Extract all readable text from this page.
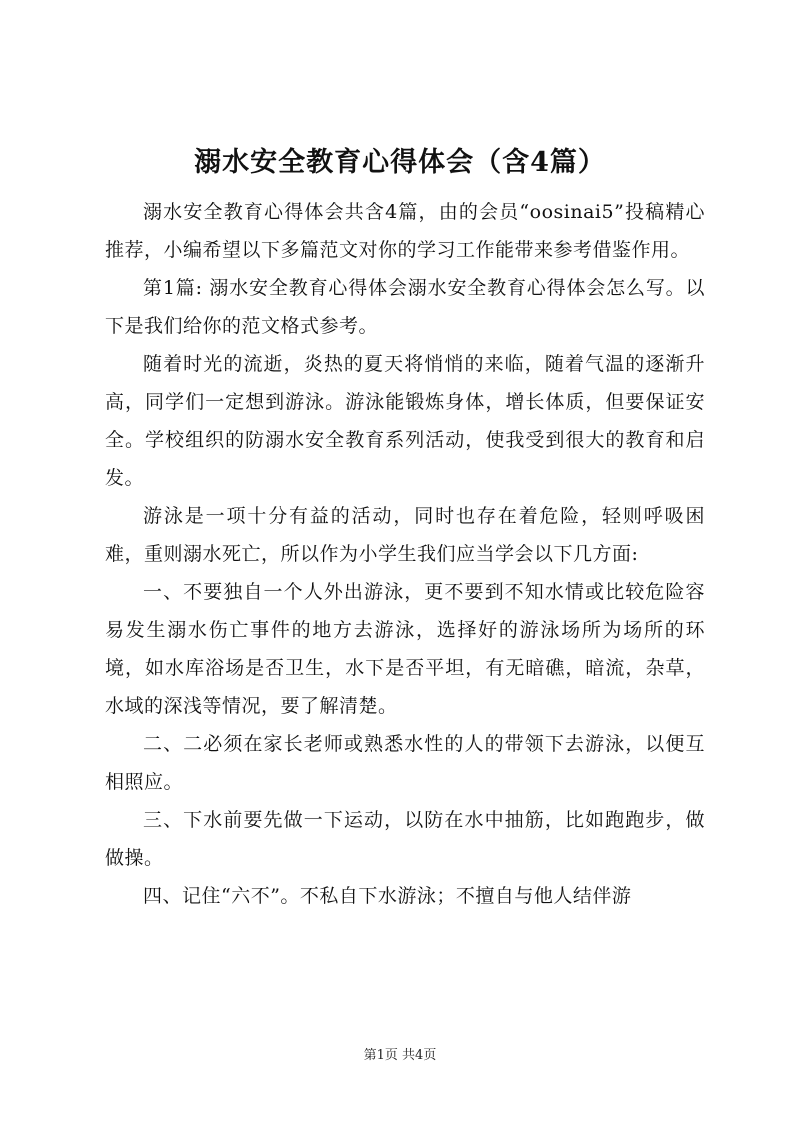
溺水安全教育心得体会（含4篇）

溺水安全教育心得体会共含4篇，由的会员“oosinai5”投稿精心推荐，小编希望以下多篇范文对你的学习工作能带来参考借鉴作用。

第1篇: 溺水安全教育心得体会溺水安全教育心得体会怎么写。以下是我们给你的范文格式参考。

随着时光的流逝，炎热的夏天将悄悄的来临，随着气温的逐渐升高，同学们一定想到游泳。游泳能锻炼身体，增长体质，但要保证安全。学校组织的防溺水安全教育系列活动，使我受到很大的教育和启发。

游泳是一项十分有益的活动，同时也存在着危险，轻则呼吸困难，重则溺水死亡，所以作为小学生我们应当学会以下几方面:

一、不要独自一个人外出游泳，更不要到不知水情或比较危险容易发生溺水伤亡事件的地方去游泳，选择好的游泳场所为场所的环境，如水库浴场是否卫生，水下是否平坦，有无暗礁，暗流，杂草，水域的深浅等情况，要了解清楚。

二、二必须在家长老师或熟悉水性的人的带领下去游泳，以便互相照应。

三、下水前要先做一下运动，以防在水中抽筋，比如跑跑步，做做操。

四、记住“六不”。不私自下水游泳；不擅自与他人结伴游

第1页 共4页
